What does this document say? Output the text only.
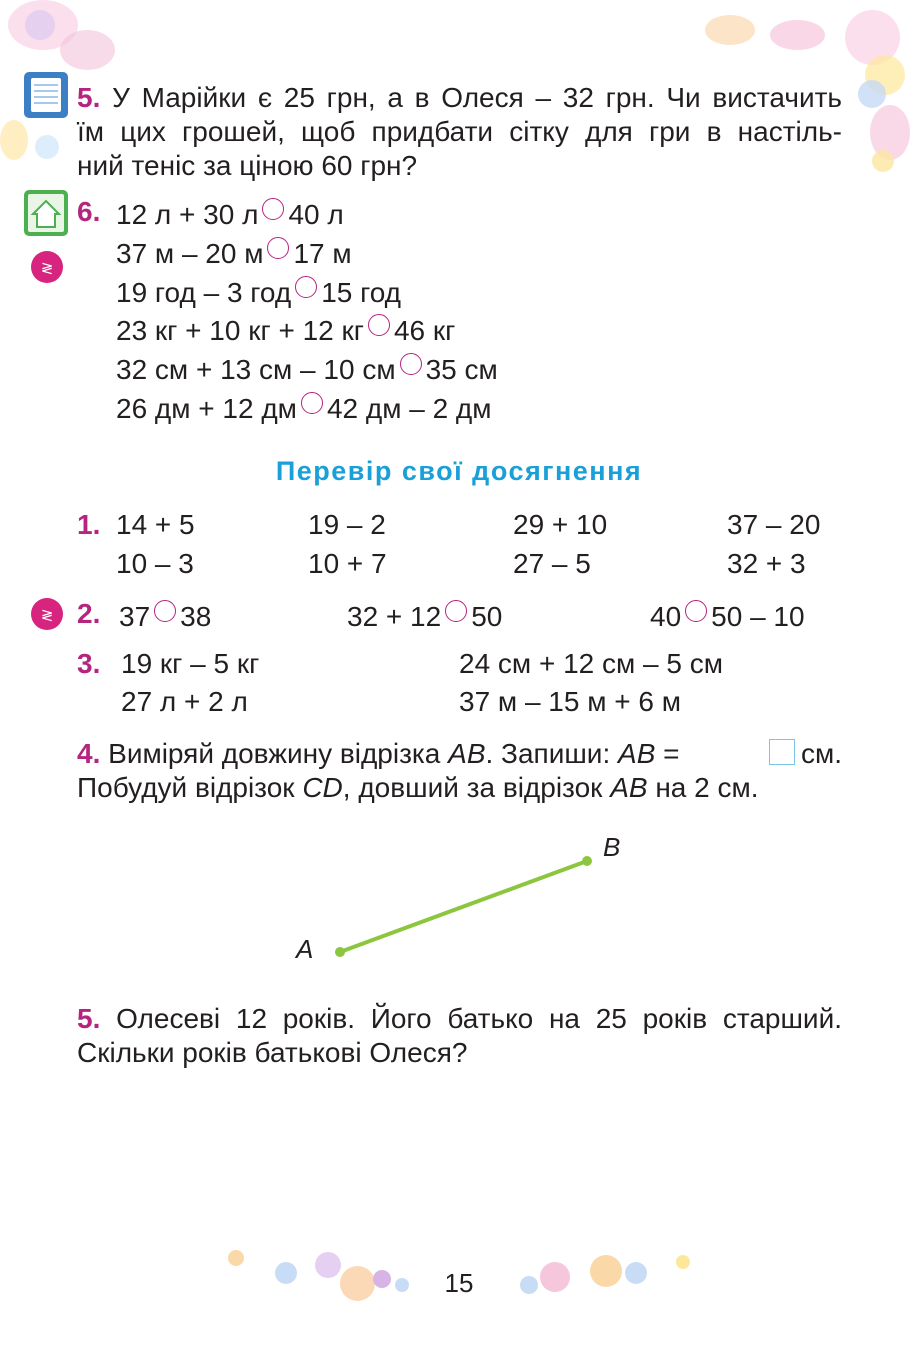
5. У Марійки є 25 грн, а в Олеся – 32 грн. Чи вистачить
їм цих грошей, щоб придбати сітку для гри в настіль-
ний теніс за ціною 60 грн?
≷
6. 12 л + 30 л 40 л
37 м – 20 м 17 м
19 год – 3 год 15 год
23 кг + 10 кг + 12 кг 46 кг
32 см + 13 см – 10 см 35 см
26 дм + 12 дм 42 дм – 2 дм
Перевір свої досягнення
1. 14 + 5	19 – 2	29 + 10	37 – 20
10 – 3	10 + 7	27 – 5	32 + 3
≷ 2. 37 38	32 + 12 50	40 50 – 10
3. 19 кг – 5 кг	24 см + 12 см – 5 см
27 л + 2 л	37 м – 15 м + 6 м
4. Виміряй довжину відрізка AB. Запиши: AB =	см.
Побудуй відрізок CD, довший за відрізок AB на 2 см.
A
B
5. Олесеві 12 років. Його батько на 25 років старший.
Скільки років батькові Олеся?
15
